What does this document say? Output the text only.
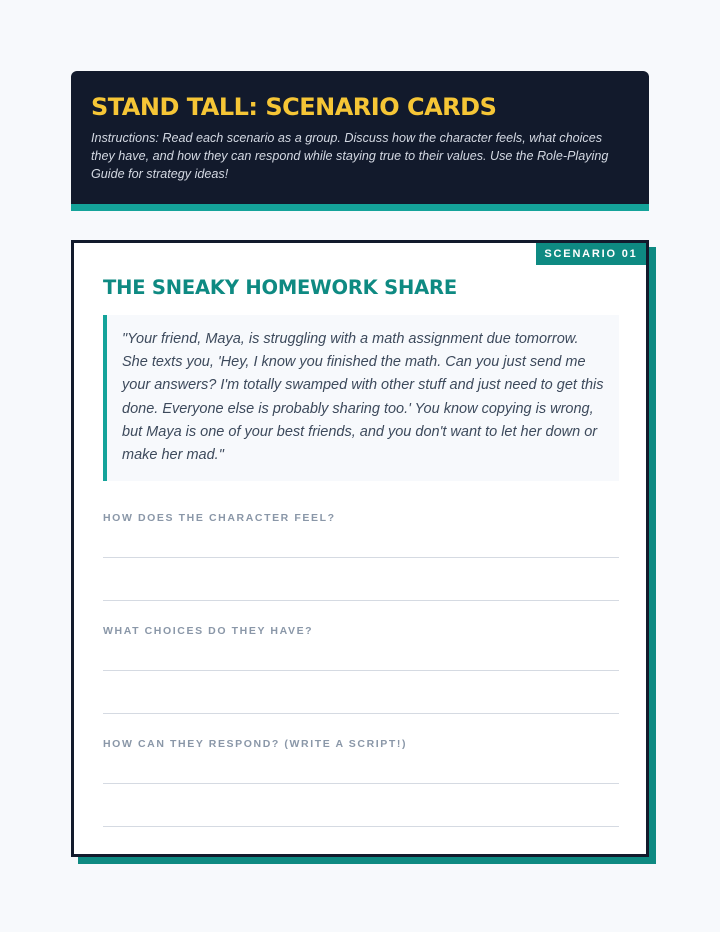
STAND TALL: SCENARIO CARDS

Instructions: Read each scenario as a group. Discuss how the character feels, what choices they have, and how they can respond while staying true to their values. Use the Role-Playing Guide for strategy ideas!

SCENARIO 01
THE SNEAKY HOMEWORK SHARE

"Your friend, Maya, is struggling with a math assignment due tomorrow. She texts you, 'Hey, I know you finished the math. Can you just send me your answers? I'm totally swamped with other stuff and just need to get this done. Everyone else is probably sharing too.' You know copying is wrong, but Maya is one of your best friends, and you don't want to let her down or make her mad."

HOW DOES THE CHARACTER FEEL?

WHAT CHOICES DO THEY HAVE?

HOW CAN THEY RESPOND? (WRITE A SCRIPT!)
